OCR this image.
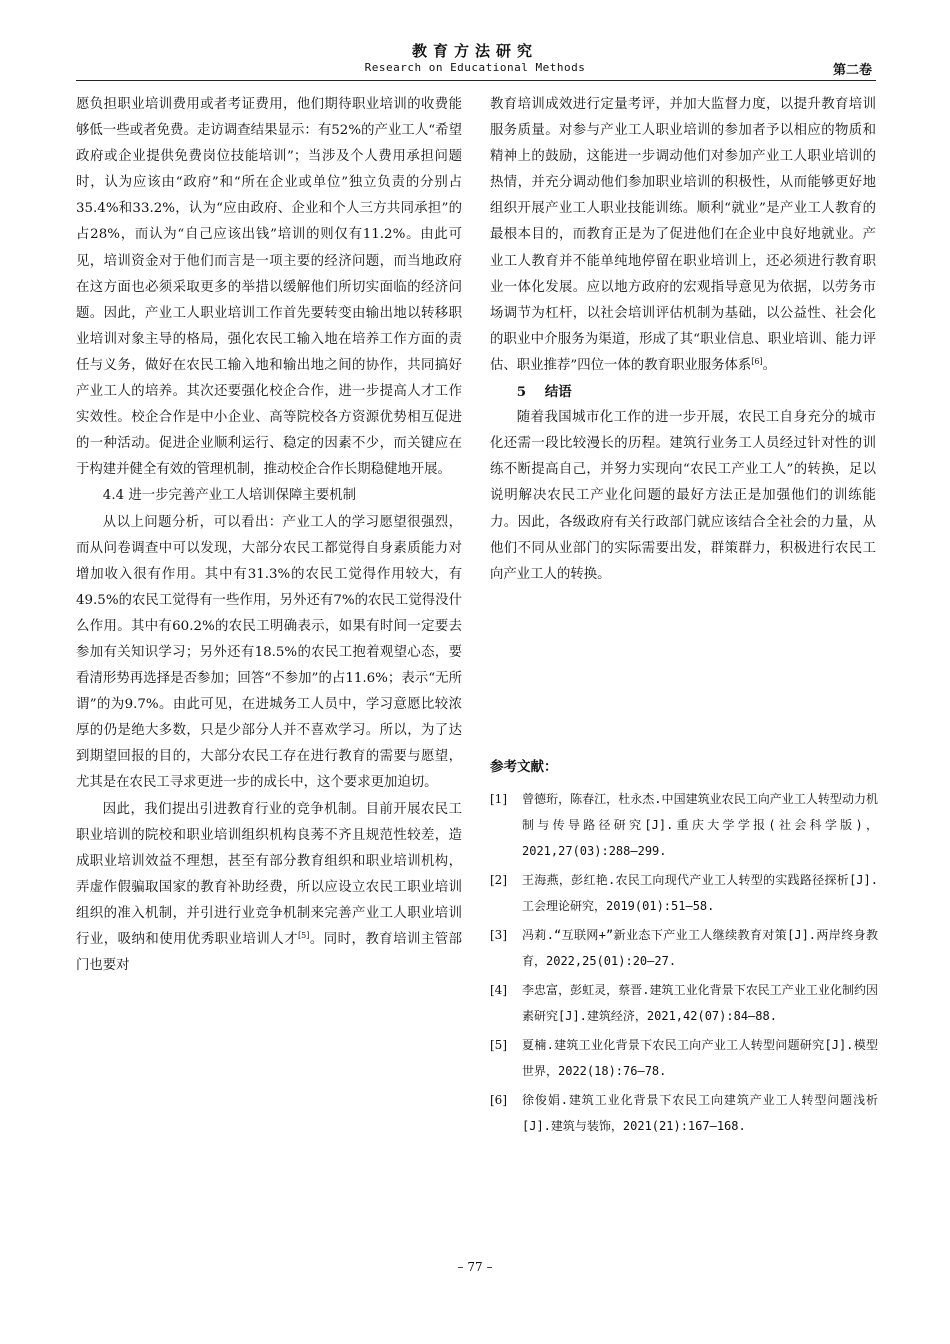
教育方法研究
Research on Educational Methods	第二卷

愿负担职业培训费用或者考证费用，他们期待职业培训的收费能够低一些或者免费。走访调查结果显示：有52%的产业工人“希望政府或企业提供免费岗位技能培训”；当涉及个人费用承担问题时，认为应该由“政府”和“所在企业或单位”独立负责的分别占35.4%和33.2%，认为“应由政府、企业和个人三方共同承担”的占28%，而认为“自己应该出钱”培训的则仅有11.2%。由此可见，培训资金对于他们而言是一项主要的经济问题，而当地政府在这方面也必须采取更多的举措以缓解他们所切实面临的经济问题。因此，产业工人职业培训工作首先要转变由输出地以转移职业培训对象主导的格局，强化农民工输入地在培养工作方面的责任与义务，做好在农民工输入地和输出地之间的协作，共同搞好产业工人的培养。其次还要强化校企合作，进一步提高人才工作实效性。校企合作是中小企业、高等院校各方资源优势相互促进的一种活动。促进企业顺利运行、稳定的因素不少，而关键应在于构建并健全有效的管理机制，推动校企合作长期稳健地开展。

4.4 进一步完善产业工人培训保障主要机制

从以上问题分析，可以看出：产业工人的学习愿望很强烈，而从问卷调查中可以发现，大部分农民工都觉得自身素质能力对增加收入很有作用。其中有31.3%的农民工觉得作用较大，有49.5%的农民工觉得有一些作用，另外还有7%的农民工觉得没什么作用。其中有60.2%的农民工明确表示，如果有时间一定要去参加有关知识学习；另外还有18.5%的农民工抱着观望心态，要看清形势再选择是否参加；回答“不参加”的占11.6%；表示“无所谓”的为9.7%。由此可见，在进城务工人员中，学习意愿比较浓厚的仍是绝大多数，只是少部分人并不喜欢学习。所以，为了达到期望回报的目的，大部分农民工存在进行教育的需要与愿望，尤其是在农民工寻求更进一步的成长中，这个要求更加迫切。

因此，我们提出引进教育行业的竞争机制。目前开展农民工职业培训的院校和职业培训组织机构良莠不齐且规范性较差，造成职业培训效益不理想，甚至有部分教育组织和职业培训机构，弄虚作假骗取国家的教育补助经费，所以应设立农民工职业培训组织的准入机制，并引进行业竞争机制来完善产业工人职业培训行业，吸纳和使用优秀职业培训人才[5]。同时，教育培训主管部门也要对

教育培训成效进行定量考评，并加大监督力度，以提升教育培训服务质量。对参与产业工人职业培训的参加者予以相应的物质和精神上的鼓励，这能进一步调动他们对参加产业工人职业培训的热情，并充分调动他们参加职业培训的积极性，从而能够更好地组织开展产业工人职业技能训练。顺利“就业”是产业工人教育的最根本目的，而教育正是为了促进他们在企业中良好地就业。产业工人教育并不能单纯地停留在职业培训上，还必须进行教育职业一体化发展。应以地方政府的宏观指导意见为依据，以劳务市场调节为杠杆，以社会培训评估机制为基础，以公益性、社会化的职业中介服务为渠道，形成了其“职业信息、职业培训、能力评估、职业推荐”四位一体的教育职业服务体系[6]。

5 结语

随着我国城市化工作的进一步开展，农民工自身充分的城市化还需一段比较漫长的历程。建筑行业务工人员经过针对性的训练不断提高自己，并努力实现向“农民工产业工人”的转换，足以说明解决农民工产业化问题的最好方法正是加强他们的训练能力。因此，各级政府有关行政部门就应该结合全社会的力量，从他们不同从业部门的实际需要出发，群策群力，积极进行农民工向产业工人的转换。

参考文献：
[1] 曾德珩，陈春江，杜永杰.中国建筑业农民工向产业工人转型动力机制与传导路径研究[J].重庆大学学报(社会科学版)，2021,27(03):288–299.
[2] 王海燕，彭红艳.农民工向现代产业工人转型的实践路径探析[J].工会理论研究，2019(01):51–58.
[3] 冯莉.“互联网+”新业态下产业工人继续教育对策[J].两岸终身教育，2022,25(01):20–27.
[4] 李忠富，彭虹灵，蔡晋.建筑工业化背景下农民工产业工业化制约因素研究[J].建筑经济，2021,42(07):84–88.
[5] 夏楠.建筑工业化背景下农民工向产业工人转型问题研究[J].模型世界，2022(18):76–78.
[6] 徐俊娟.建筑工业化背景下农民工向建筑产业工人转型问题浅析[J].建筑与装饰，2021(21):167–168.
– 77 –
